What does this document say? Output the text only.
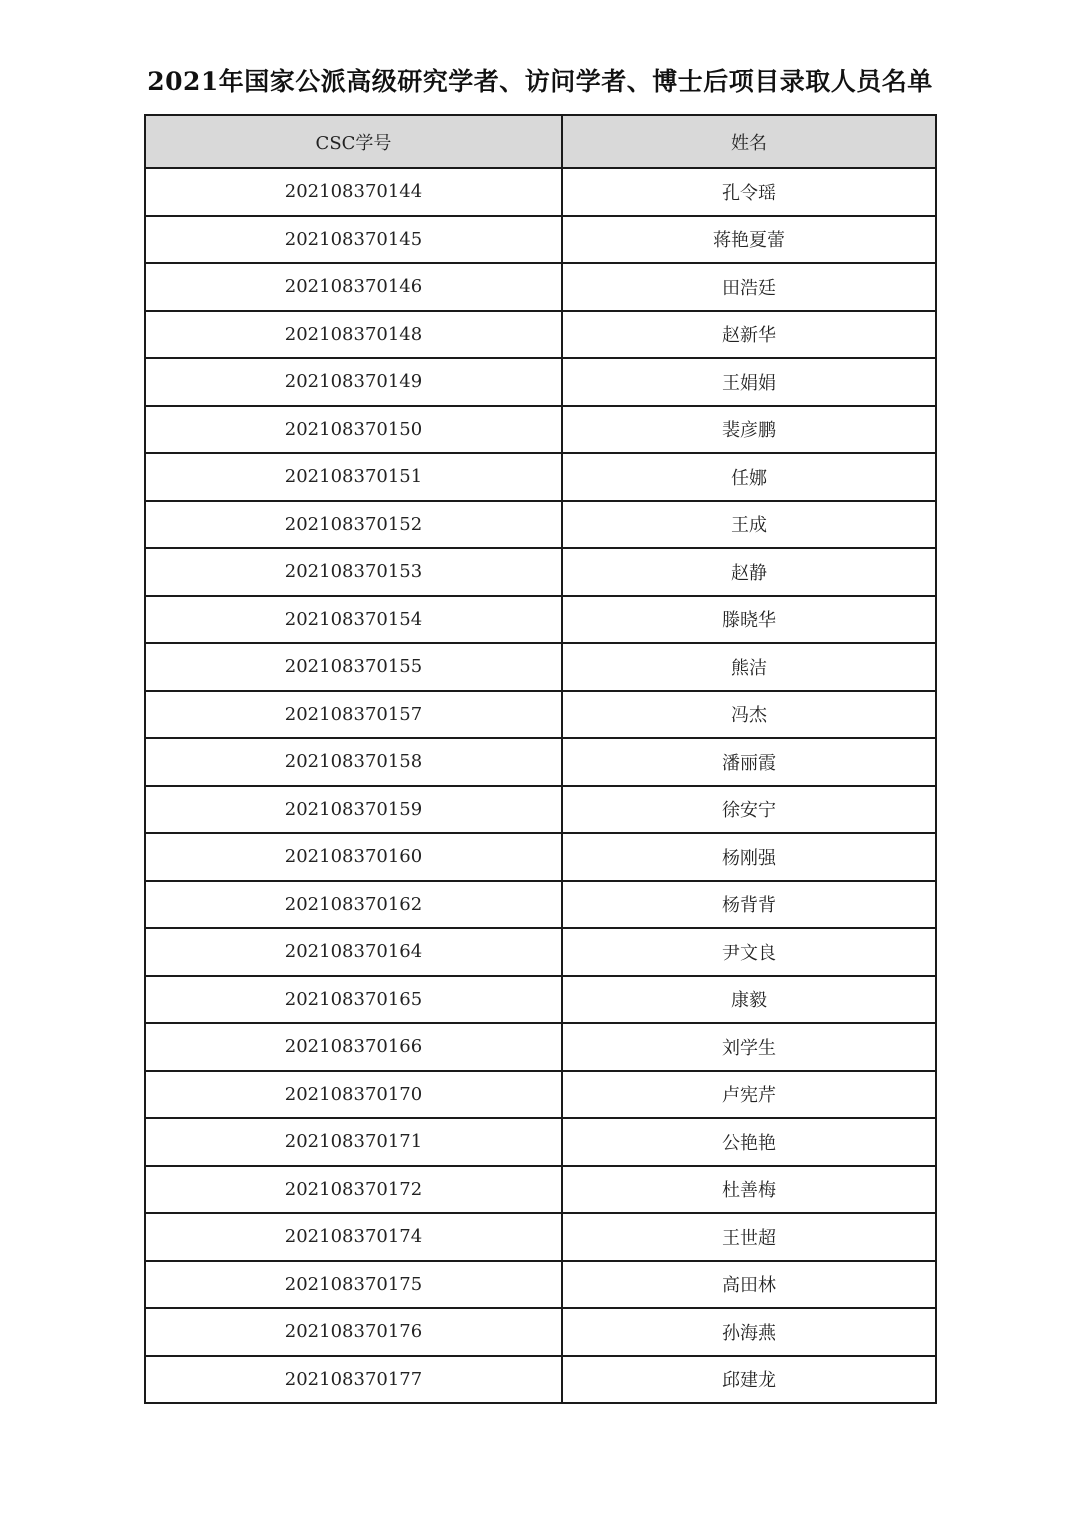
2021年国家公派高级研究学者、访问学者、博士后项目录取人员名单
CSC学号	姓名
202108370144	孔令瑶
202108370145	蒋艳夏蕾
202108370146	田浩廷
202108370148	赵新华
202108370149	王娟娟
202108370150	裴彦鹏
202108370151	任娜
202108370152	王成
202108370153	赵静
202108370154	滕晓华
202108370155	熊洁
202108370157	冯杰
202108370158	潘丽霞
202108370159	徐安宁
202108370160	杨刚强
202108370162	杨背背
202108370164	尹文良
202108370165	康毅
202108370166	刘学生
202108370170	卢宪芹
202108370171	公艳艳
202108370172	杜善梅
202108370174	王世超
202108370175	高田林
202108370176	孙海燕
202108370177	邱建龙
